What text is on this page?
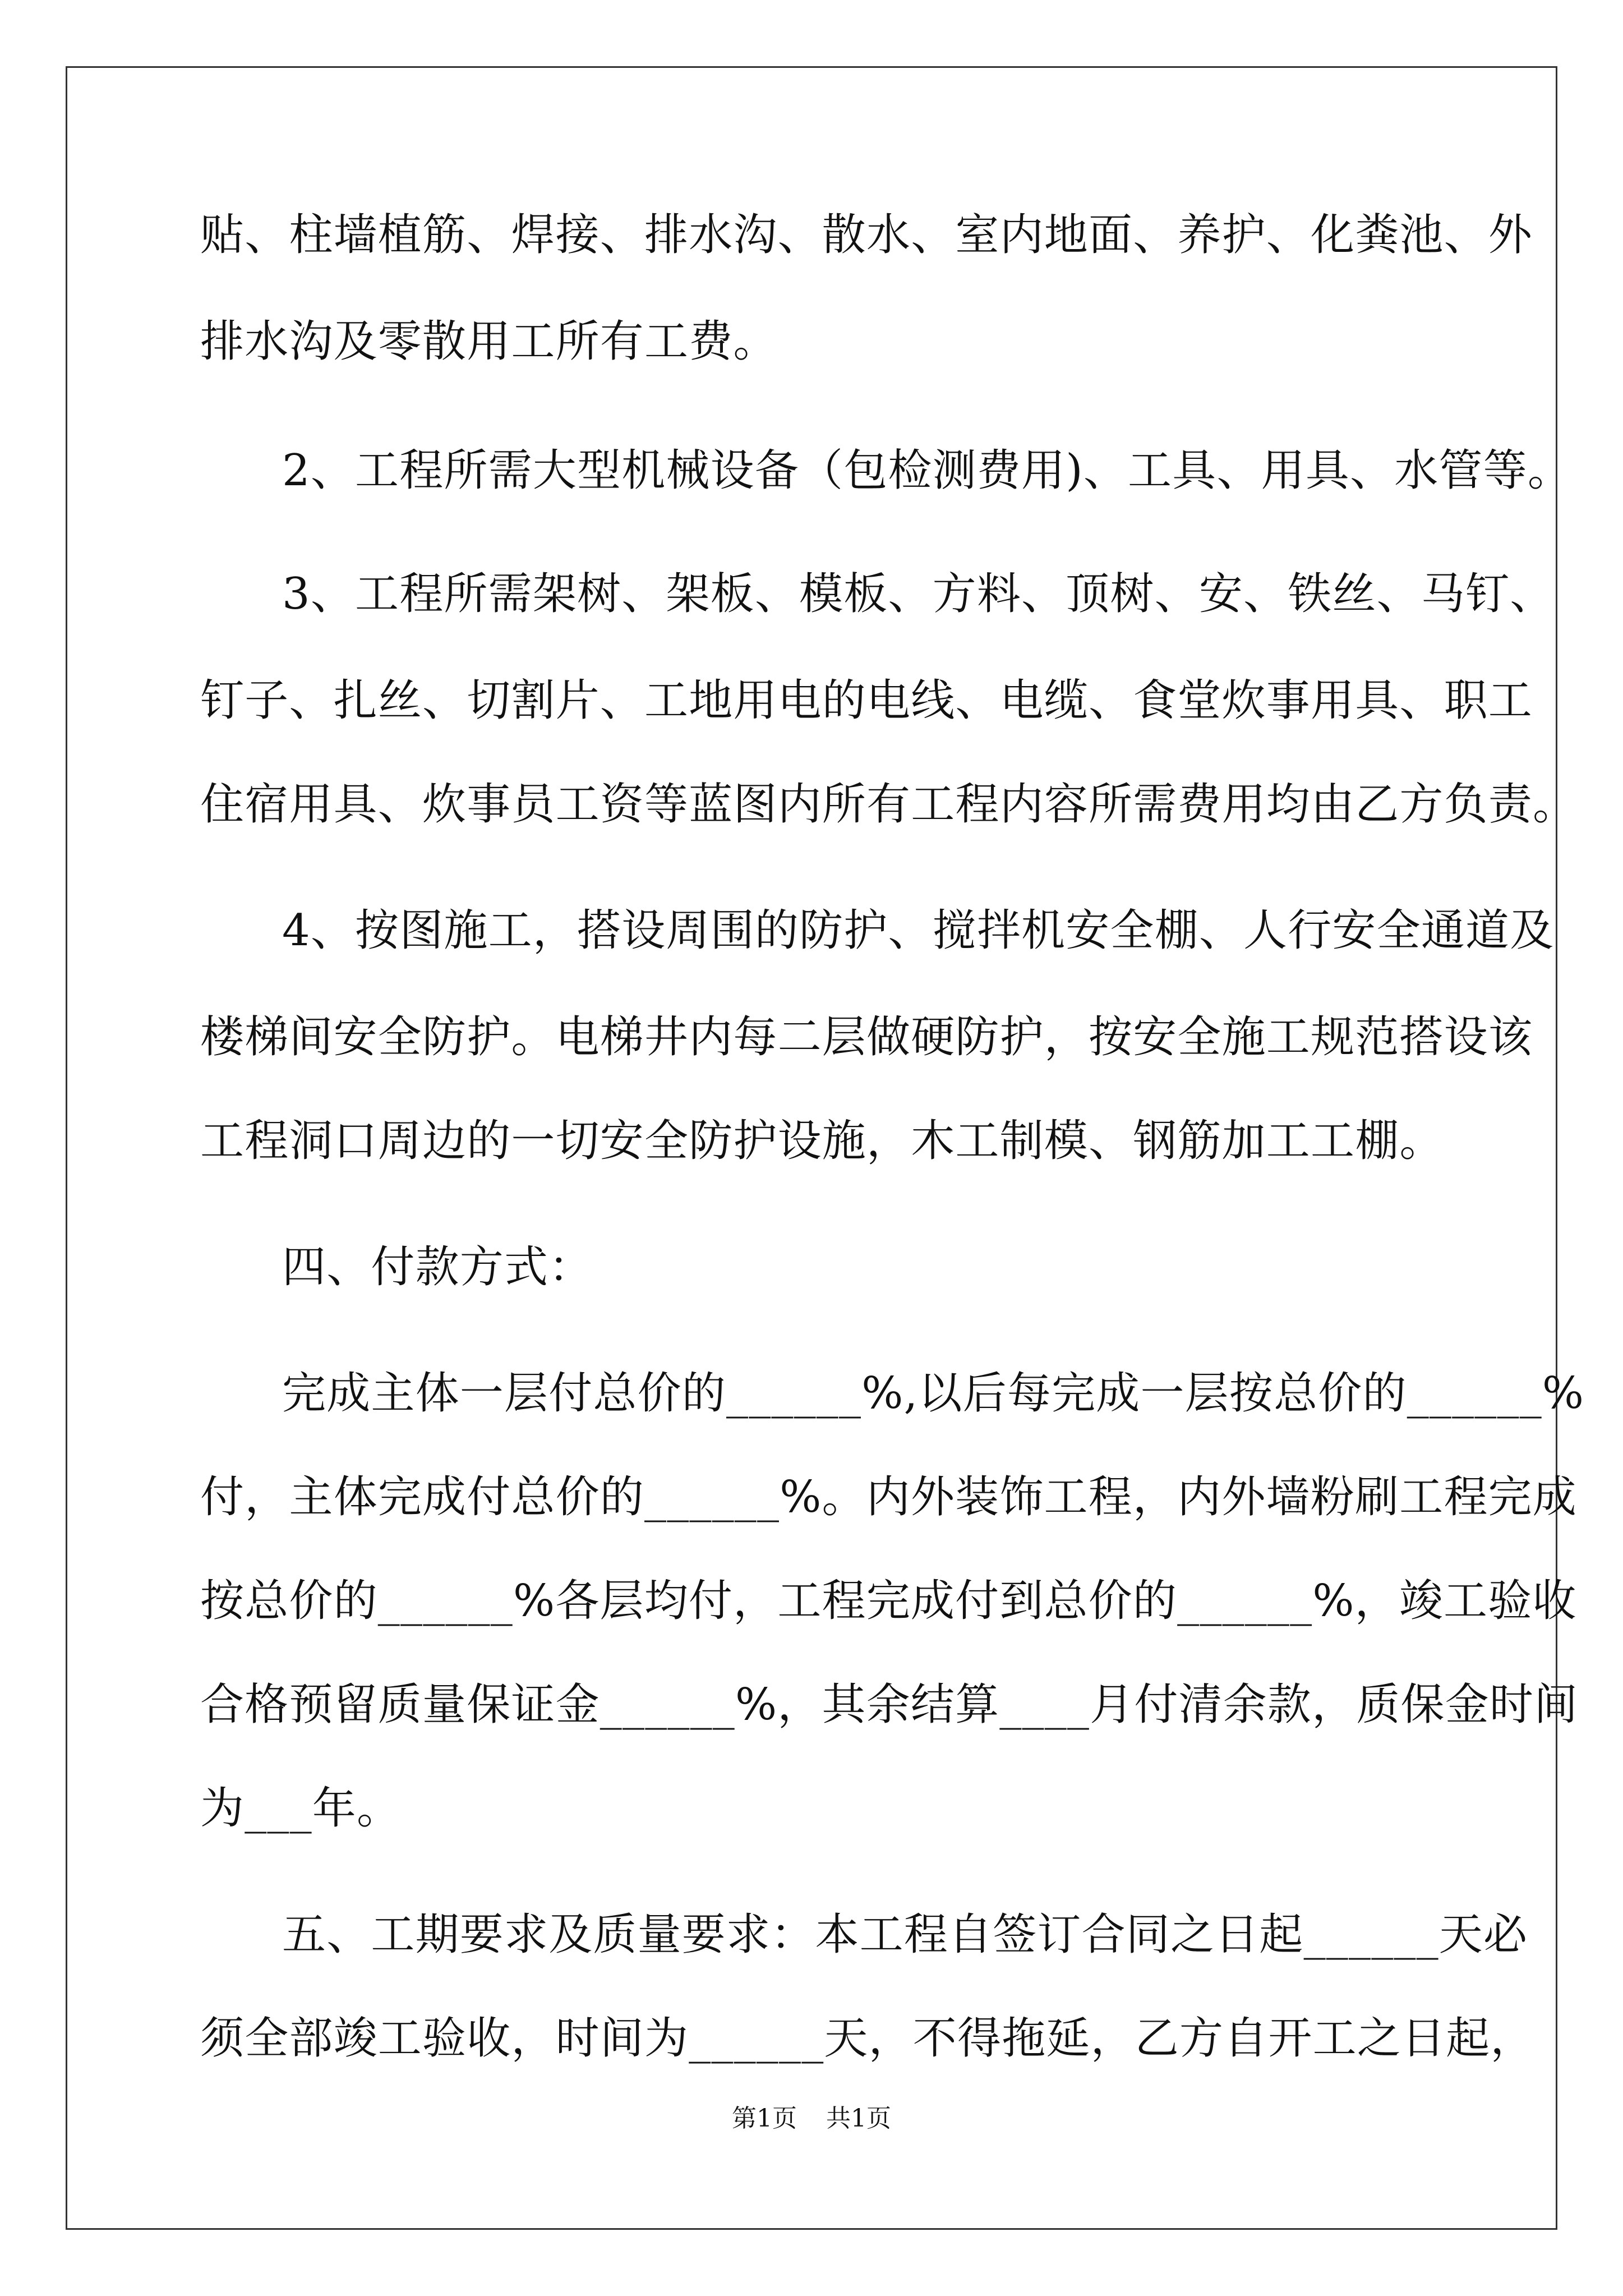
贴、柱墙植筋、焊接、排水沟、散水、室内地面、养护、化粪池、外
排水沟及零散用工所有工费。
2、工程所需大型机械设备（包检测费用)、工具、用具、水管等。
3、工程所需架树、架板、模板、方料、顶树、安、铁丝、马钉、
钉子、扎丝、切割片、工地用电的电线、电缆、食堂炊事用具、职工
住宿用具、炊事员工资等蓝图内所有工程内容所需费用均由乙方负责。
4、按图施工，搭设周围的防护、搅拌机安全棚、人行安全通道及
楼梯间安全防护。电梯井内每二层做硬防护，按安全施工规范搭设该
工程洞口周边的一切安全防护设施，木工制模、钢筋加工工棚。
四、付款方式：
完成主体一层付总价的______%,以后每完成一层按总价的______%
付，主体完成付总价的______%。内外装饰工程，内外墙粉刷工程完成
按总价的______%各层均付，工程完成付到总价的______%，竣工验收
合格预留质量保证金______%，其余结算____月付清余款，质保金时间
为___年。
五、工期要求及质量要求：本工程自签订合同之日起______天必
须全部竣工验收，时间为______天，不得拖延，乙方自开工之日起，
第1页 共1页
